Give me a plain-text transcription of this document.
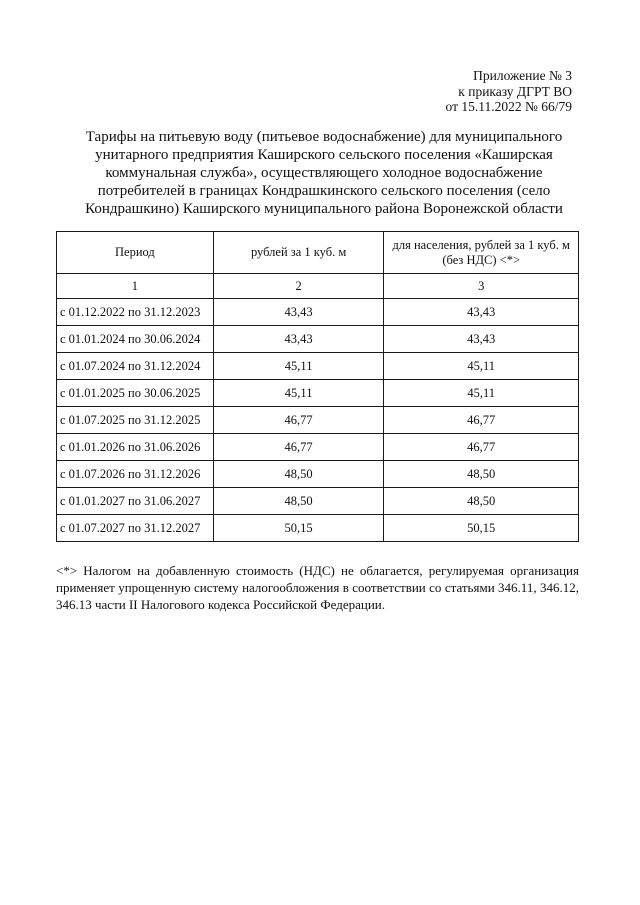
Приложение № 3
к приказу ДГРТ ВО
от 15.11.2022 № 66/79
Тарифы на питьевую воду (питьевое водоснабжение) для муниципального
унитарного предприятия Каширского сельского поселения «Каширская
коммунальная служба», осуществляющего холодное водоснабжение
потребителей в границах Кондрашкинского сельского поселения (село
Кондрашкино) Каширского муниципального района Воронежской области
Период	рублей за 1 куб. м	для населения, рублей за 1 куб. м
(без НДС) <*>

1	2	3
с 01.12.2022 по 31.12.2023	43,43	43,43
с 01.01.2024 по 30.06.2024	43,43	43,43
с 01.07.2024 по 31.12.2024	45,11	45,11
с 01.01.2025 по 30.06.2025	45,11	45,11
с 01.07.2025 по 31.12.2025	46,77	46,77
с 01.01.2026 по 31.06.2026	46,77	46,77
с 01.07.2026 по 31.12.2026	48,50	48,50
с 01.01.2027 по 31.06.2027	48,50	48,50
с 01.07.2027 по 31.12.2027	50,15	50,15
<*> Налогом на добавленную стоимость (НДС) не облагается, регулируемая организация применяет упрощенную систему налогообложения в соответствии со статьями 346.11, 346.12, 346.13 части II Налогового кодекса Российской Федерации.
